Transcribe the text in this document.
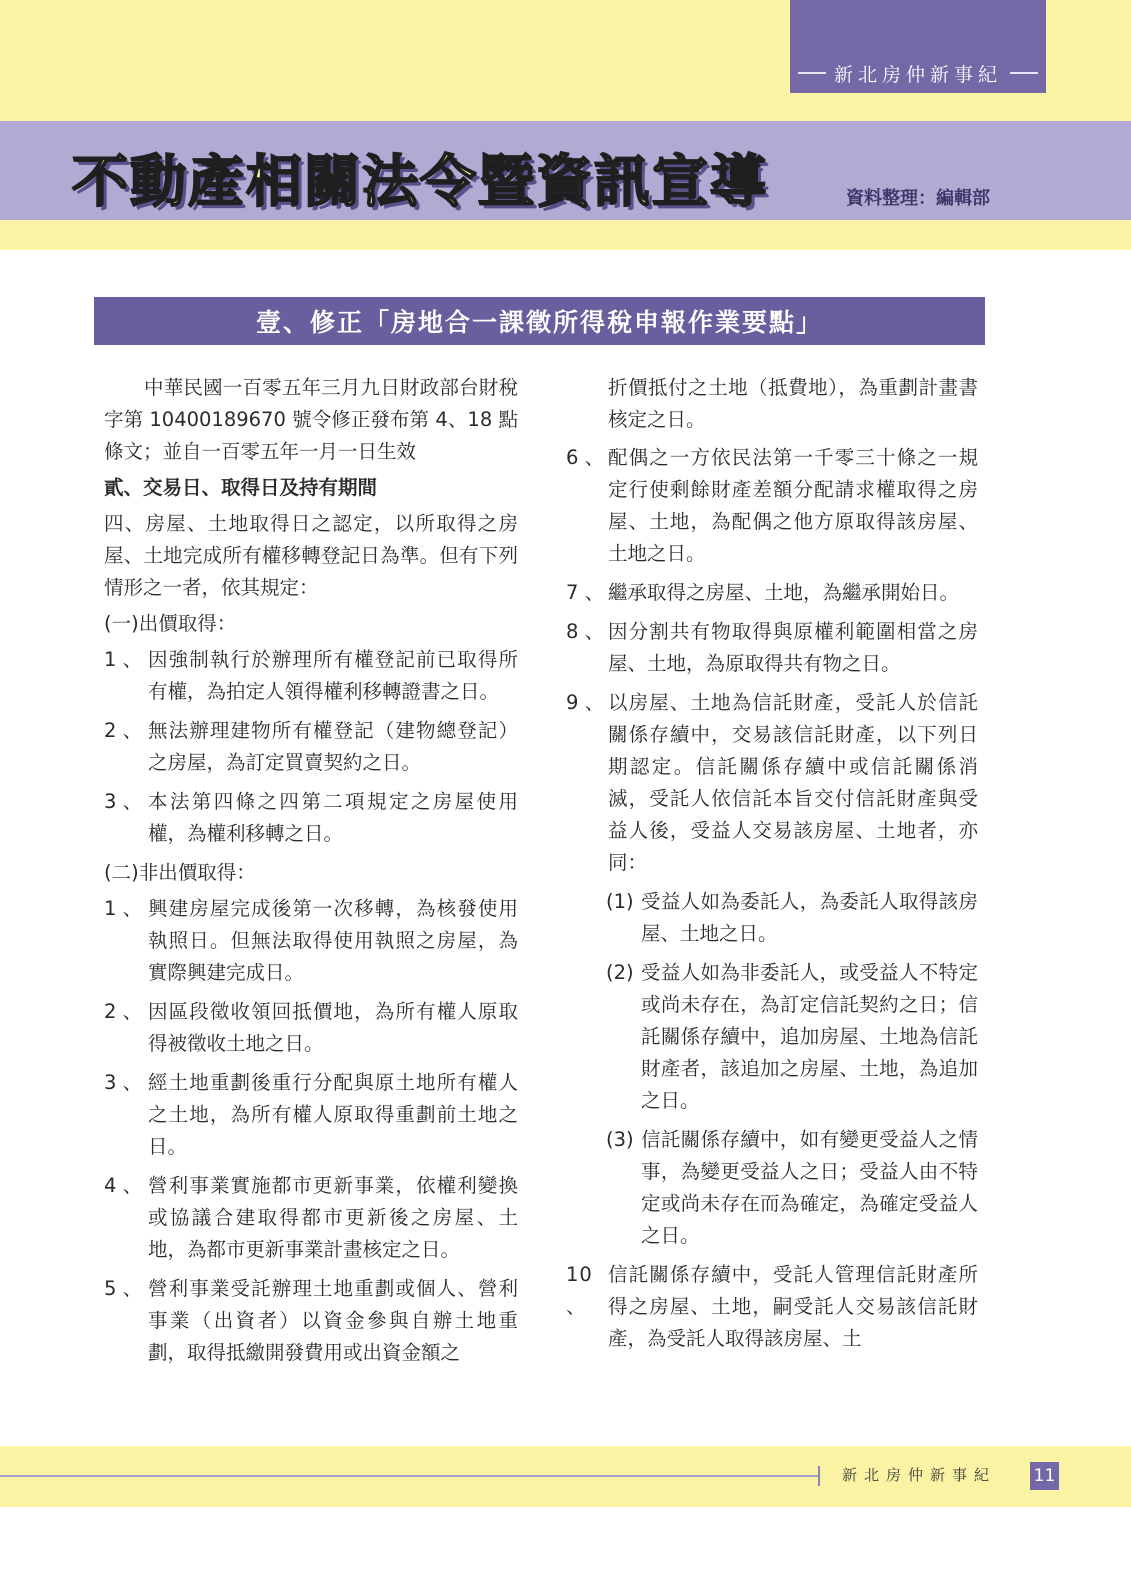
新北房仲新事紀
不動產相關法令暨資訊宣導	資料整理：編輯部
壹、修正「房地合一課徵所得稅申報作業要點」

中華民國一百零五年三月九日財政部台財稅字第 10400189670 號令修正發布第 4、18 點條文；並自一百零五年一月一日生效

貳、交易日、取得日及持有期間

四、房屋、土地取得日之認定，以所取得之房屋、土地完成所有權移轉登記日為準。但有下列情形之一者，依其規定：

(一)出價取得：

1 、 因強制執行於辦理所有權登記前已取得所有權，為拍定人領得權利移轉證書之日。
2 、 無法辦理建物所有權登記（建物總登記）之房屋，為訂定買賣契約之日。
3 、 本法第四條之四第二項規定之房屋使用權，為權利移轉之日。

(二)非出價取得：

1 、 興建房屋完成後第一次移轉，為核發使用執照日。但無法取得使用執照之房屋，為實際興建完成日。
2 、 因區段徵收領回抵價地，為所有權人原取得被徵收土地之日。
3 、 經土地重劃後重行分配與原土地所有權人之土地，為所有權人原取得重劃前土地之日。
4 、 營利事業實施都市更新事業，依權利變換或協議合建取得都市更新後之房屋、土地，為都市更新事業計畫核定之日。
5 、 營利事業受託辦理土地重劃或個人、營利事業（出資者）以資金參與自辦土地重劃，取得抵繳開發費用或出資金額之

折價抵付之土地（抵費地），為重劃計畫書核定之日。

6 、 配偶之一方依民法第一千零三十條之一規定行使剩餘財產差額分配請求權取得之房屋、土地，為配偶之他方原取得該房屋、土地之日。
7 、 繼承取得之房屋、土地，為繼承開始日。
8 、 因分割共有物取得與原權利範圍相當之房屋、土地，為原取得共有物之日。
9 、 以房屋、土地為信託財產，受託人於信託關係存續中，交易該信託財產，以下列日期認定。信託關係存續中或信託關係消滅，受託人依信託本旨交付信託財產與受益人後，受益人交易該房屋、土地者，亦同：
(1) 受益人如為委託人，為委託人取得該房屋、土地之日。
(2) 受益人如為非委託人，或受益人不特定或尚未存在，為訂定信託契約之日；信託關係存續中，追加房屋、土地為信託財產者，該追加之房屋、土地，為追加之日。
(3) 信託關係存續中，如有變更受益人之情事，為變更受益人之日；受益人由不特定或尚未存在而為確定，為確定受益人之日。
10 、
信託關係存續中，受託人管理信託財產所得之房屋、土地，嗣受託人交易該信託財產，為受託人取得該房屋、土
新北房仲新事紀 11
